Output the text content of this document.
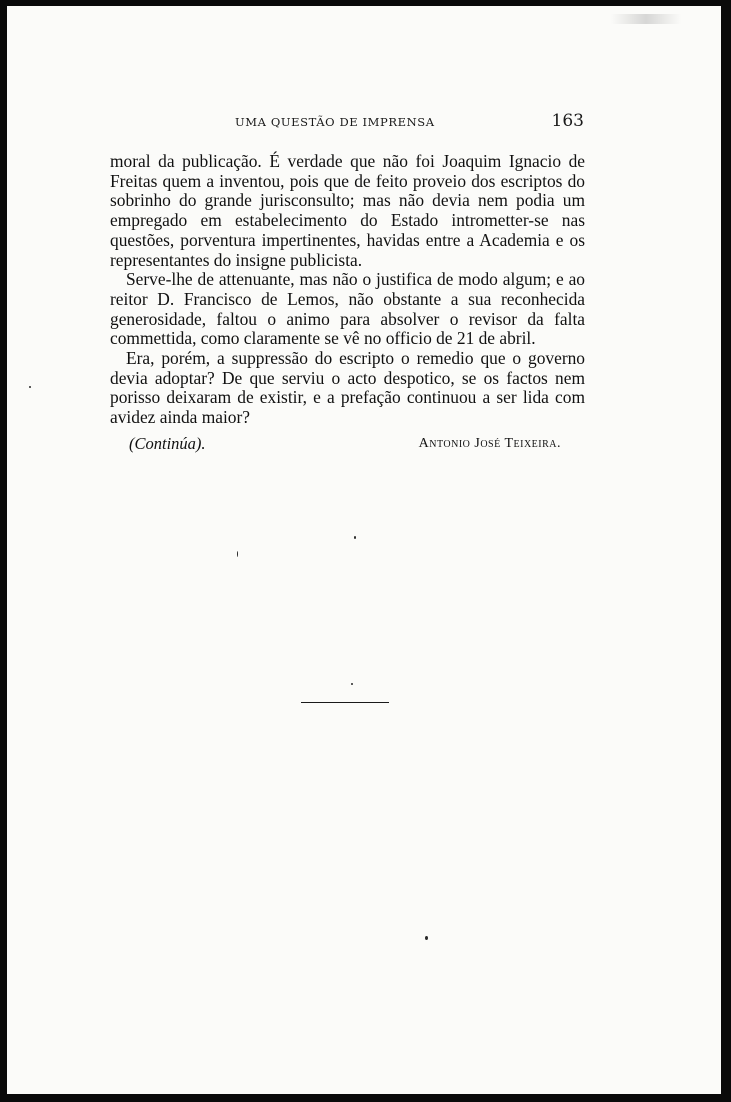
UMA QUESTÃO DE IMPRENSA	163

moral da publicação. É verdade que não foi Joaquim Ignacio de Freitas quem a inventou, pois que de feito proveio dos escriptos do sobrinho do grande jurisconsulto; mas não devia nem podia um empregado em estabelecimento do Estado intrometter-se nas questões, porventura impertinentes, havidas entre a Academia e os representantes do insigne publicista.

Serve-lhe de attenuante, mas não o justifica de modo algum; e ao reitor D. Francisco de Lemos, não obstante a sua reconhecida generosidade, faltou o animo para absolver o revisor da falta commettida, como claramente se vê no officio de 21 de abril.

Era, porém, a suppressão do escripto o remedio que o governo devia adoptar? De que serviu o acto despotico, se os factos nem porisso deixaram de existir, e a prefação continuou a ser lida com avidez ainda maior?

(Continúa).	Antonio José Teixeira.
